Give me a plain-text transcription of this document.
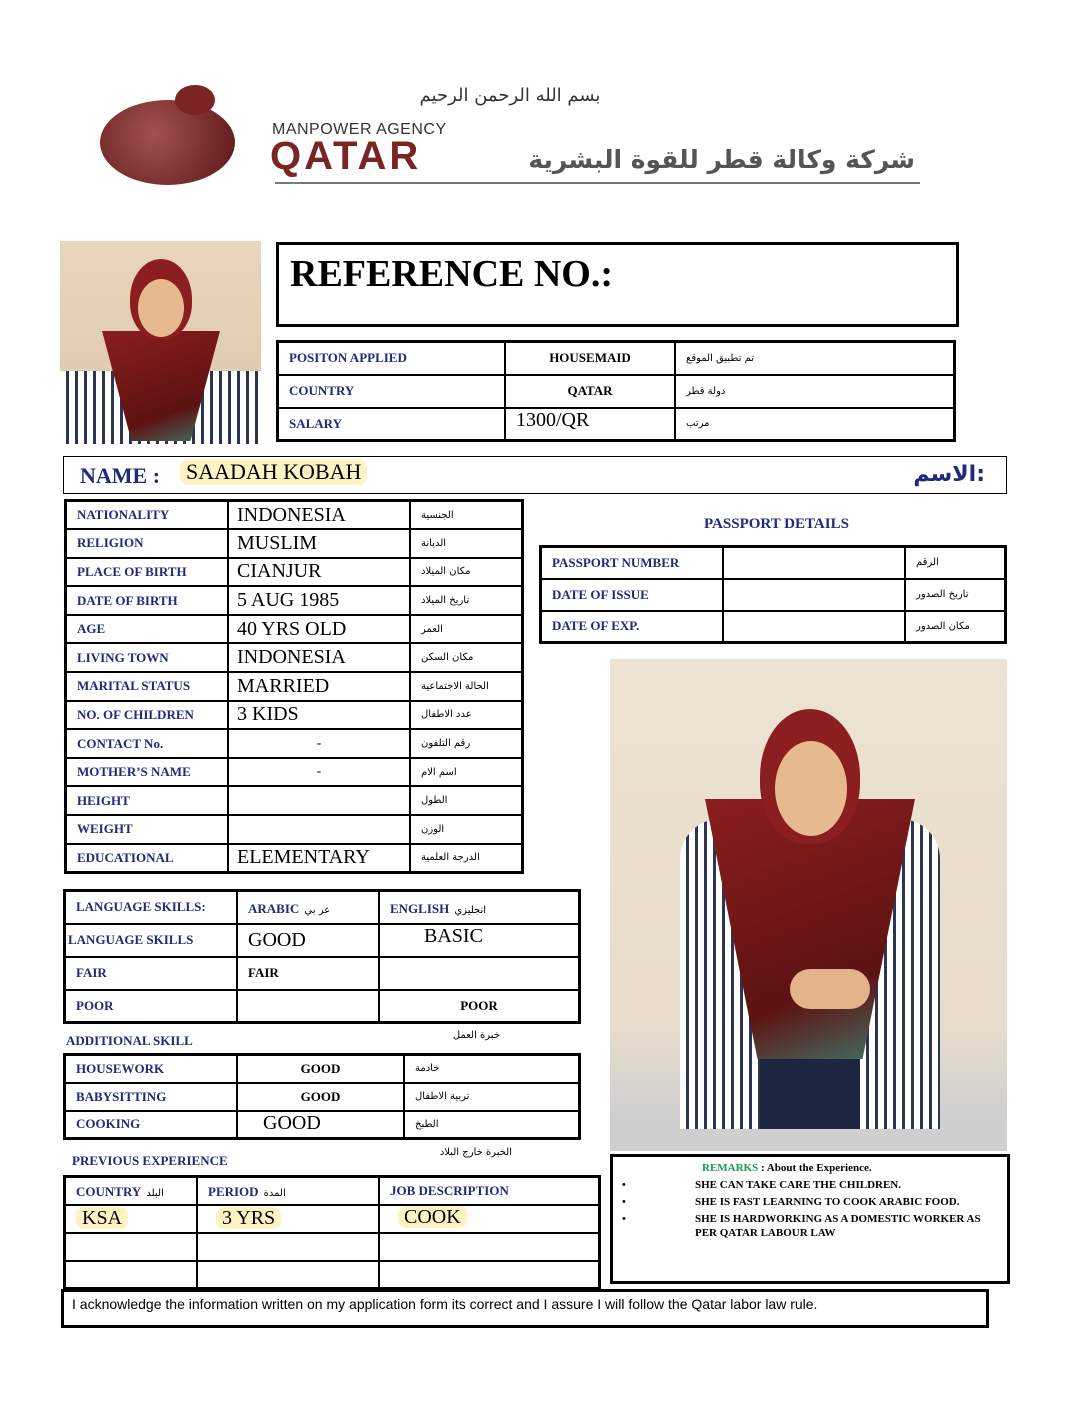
بسم الله الرحمن الرحيم
MANPOWER AGENCY
QATAR	شركة وكالة قطر للقوة البشرية
REFERENCE NO.:
POSITON APPLIED	HOUSEMAID	تم تطبيق الموقع
COUNTRY	QATAR	دولة قطر
SALARY	1300/QR	مرتب
NAME : SAADAH KOBAH	:الاسم
NATIONALITY	INDONESIA	الجنسية
RELIGION	MUSLIM	الديانة
PLACE OF BIRTH	CIANJUR	مكان الميلاد
DATE OF BIRTH	5 AUG 1985	تاريخ الميلاد
AGE	40 YRS OLD	العمر
LIVING TOWN	INDONESIA	مكان السكن
MARITAL STATUS	MARRIED	الحالة الاجتماعية
NO. OF CHILDREN	3 KIDS	عدد الاطفال
CONTACT No.	-	رقم التلفون
MOTHER’S NAME	-	اسم الام
HEIGHT		الطول
WEIGHT		الوزن
EDUCATIONAL	ELEMENTARY	الدرجة العلمية
PASSPORT DETAILS
PASSPORT NUMBER		الرقم
DATE OF ISSUE		تاريخ الصدور
DATE OF EXP.		مكان الصدور
LANGUAGE SKILLS:	ARABIC عر بي	ENGLISH انجليزي
LANGUAGE SKILLS	GOOD	BASIC
FAIR	FAIR	
POOR		POOR
ADDITIONAL SKILL	خبرة العمل
HOUSEWORK	GOOD	خادمة
BABYSITTING	GOOD	تربية الاطفال
COOKING	GOOD	الطبخ
PREVIOUS EXPERIENCE
الخبرة خارج البلاد
COUNTRY البلد	PERIOD المدة	JOB DESCRIPTION
KSA	3 YRS	COOK

REMARKS : About the Experience.
•	SHE CAN TAKE CARE THE CHILDREN.
•	SHE IS FAST LEARNING TO COOK ARABIC FOOD.
•	SHE IS HARDWORKING AS A DOMESTIC WORKER AS PER QATAR LABOUR LAW
I acknowledge the information written on my application form its correct and I assure I will follow the Qatar labor law rule.
